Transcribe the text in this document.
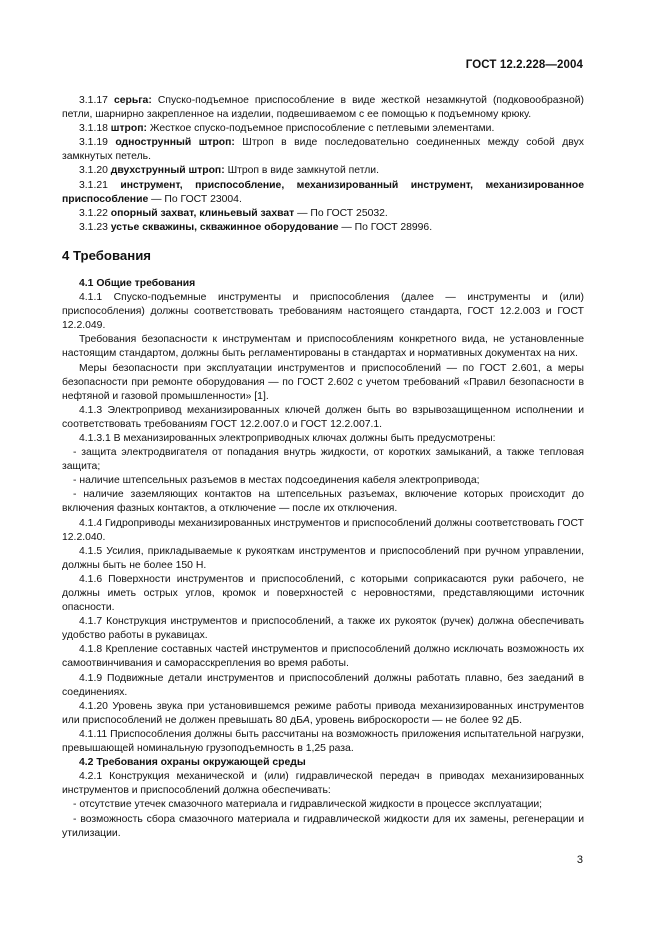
ГОСТ 12.2.228—2004

3.1.17 серьга: Спуско-подъемное приспособление в виде жесткой незамкнутой (подковообразной) петли, шарнирно закрепленное на изделии, подвешиваемом с ее помощью к подъемному крюку.

3.1.18 штроп: Жесткое спуско-подъемное приспособление с петлевыми элементами.

3.1.19 однострунный штроп: Штроп в виде последовательно соединенных между собой двух замкнутых петель.

3.1.20 двухструнный штроп: Штроп в виде замкнутой петли.

3.1.21 инструмент, приспособление, механизированный инструмент, механизированное приспособление — По ГОСТ 23004.

3.1.22 опорный захват, клиньевый захват — По ГОСТ 25032.

3.1.23 устье скважины, скважинное оборудование — По ГОСТ 28996.

4 Требования
4.1 Общие требования

4.1.1 Спуско-подъемные инструменты и приспособления (далее — инструменты и (или) приспособления) должны соответствовать требованиям настоящего стандарта, ГОСТ 12.2.003 и ГОСТ 12.2.049.

Требования безопасности к инструментам и приспособлениям конкретного вида, не установленные настоящим стандартом, должны быть регламентированы в стандартах и нормативных документах на них.

Меры безопасности при эксплуатации инструментов и приспособлений — по ГОСТ 2.601, а меры безопасности при ремонте оборудования — по ГОСТ 2.602 с учетом требований «Правил безопасности в нефтяной и газовой промышленности» [1].

4.1.3 Электропривод механизированных ключей должен быть во взрывозащищенном исполнении и соответствовать требованиям ГОСТ 12.2.007.0 и ГОСТ 12.2.007.1.

4.1.3.1 В механизированных электроприводных ключах должны быть предусмотрены:

- защита электродвигателя от попадания внутрь жидкости, от коротких замыканий, а также тепловая защита;

- наличие штепсельных разъемов в местах подсоединения кабеля электропривода;

- наличие заземляющих контактов на штепсельных разъемах, включение которых происходит до включения фазных контактов, а отключение — после их отключения.

4.1.4 Гидроприводы механизированных инструментов и приспособлений должны соответствовать ГОСТ 12.2.040.

4.1.5 Усилия, прикладываемые к рукояткам инструментов и приспособлений при ручном управлении, должны быть не более 150 Н.

4.1.6 Поверхности инструментов и приспособлений, с которыми соприкасаются руки рабочего, не должны иметь острых углов, кромок и поверхностей с неровностями, представляющими источник опасности.

4.1.7 Конструкция инструментов и приспособлений, а также их рукояток (ручек) должна обеспечивать удобство работы в рукавицах.

4.1.8 Крепление составных частей инструментов и приспособлений должно исключать возможность их самоотвинчивания и саморасскрепления во время работы.

4.1.9 Подвижные детали инструментов и приспособлений должны работать плавно, без заеданий в соединениях.

4.1.20 Уровень звука при установившемся режиме работы привода механизированных инструментов или приспособлений не должен превышать 80 дБА, уровень виброскорости — не более 92 дБ.

4.1.11 Приспособления должны быть рассчитаны на возможность приложения испытательной нагрузки, превышающей номинальную грузоподъемность в 1,25 раза.

4.2 Требования охраны окружающей среды

4.2.1 Конструкция механической и (или) гидравлической передач в приводах механизированных инструментов и приспособлений должна обеспечивать:

- отсутствие утечек смазочного материала и гидравлической жидкости в процессе эксплуатации;

- возможность сбора смазочного материала и гидравлической жидкости для их замены, регенерации и утилизации.

3
